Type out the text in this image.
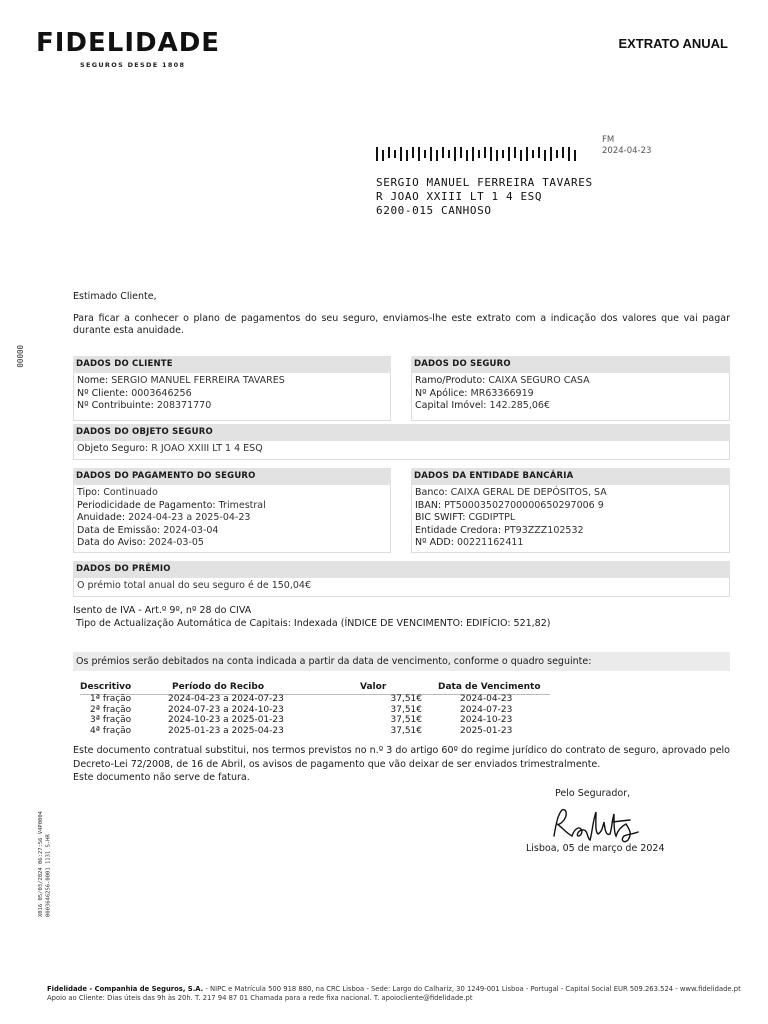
FIDELIDADE
SEGUROS DESDE 1808
EXTRATO ANUAL
FM
2024-04-23
SERGIO MANUEL FERREIRA TAVARES
R JOAO XXIII LT 1 4 ESQ
6200-015 CANHOSO
00000
X016 05/03/2024 06:27:56 V4P0004 0003646256-0001 1131 S-HR
Estimado Cliente,
Para ficar a conhecer o plano de pagamentos do seu seguro, enviamos-lhe este extrato com a indicação dos valores que vai pagar durante esta anuidade.
DADOS DO CLIENTE
Nome: SERGIO MANUEL FERREIRA TAVARES
Nº Cliente: 0003646256
Nº Contribuinte: 208371770
DADOS DO SEGURO
Ramo/Produto: CAIXA SEGURO CASA
Nº Apólice: MR63366919
Capital Imóvel: 142.285,06€
DADOS DO OBJETO SEGURO
Objeto Seguro: R JOAO XXIII LT 1 4 ESQ
DADOS DO PAGAMENTO DO SEGURO
Tipo: Continuado
Periodicidade de Pagamento: Trimestral
Anuidade: 2024-04-23 a 2025-04-23
Data de Emissão: 2024-03-04
Data do Aviso: 2024-03-05
DADOS DA ENTIDADE BANCÁRIA
Banco: CAIXA GERAL DE DEPÓSITOS, SA
IBAN: PT50003502700000650297006 9
BIC SWIFT: CGDIPTPL
Entidade Credora: PT93ZZZ102532
Nº ADD: 00221162411
DADOS DO PRÉMIO
O prémio total anual do seu seguro é de 150,04€
Isento de IVA - Art.º 9º, nº 28 do CIVA
Tipo de Actualização Automática de Capitais: Indexada (ÍNDICE DE VENCIMENTO: EDIFÍCIO: 521,82)
Os prémios serão debitados na conta indicada a partir da data de vencimento, conforme o quadro seguinte:
Descritivo	Período do Recibo	Valor	Data de Vencimento
1ª fração	2024-04-23 a 2024-07-23	37,51€	2024-04-23
2ª fração	2024-07-23 a 2024-10-23	37,51€	2024-07-23
3ª fração	2024-10-23 a 2025-01-23	37,51€	2024-10-23
4ª fração	2025-01-23 a 2025-04-23	37,51€	2025-01-23
Este documento contratual substitui, nos termos previstos no n.º 3 do artigo 60º do regime jurídico do contrato de seguro, aprovado pelo Decreto-Lei 72/2008, de 16 de Abril, os avisos de pagamento que vão deixar de ser enviados trimestralmente.
Este documento não serve de fatura.
Pelo Segurador,
Lisboa, 05 de março de 2024
Fidelidade - Companhia de Seguros, S.A. - NIPC e Matrícula 500 918 880, na CRC Lisboa - Sede: Largo do Calhariz, 30 1249-001 Lisboa - Portugal - Capital Social EUR 509.263.524 - www.fidelidade.pt
Apoio ao Cliente: Dias úteis das 9h às 20h. T. 217 94 87 01 Chamada para a rede fixa nacional. T. apoiocliente@fidelidade.pt
